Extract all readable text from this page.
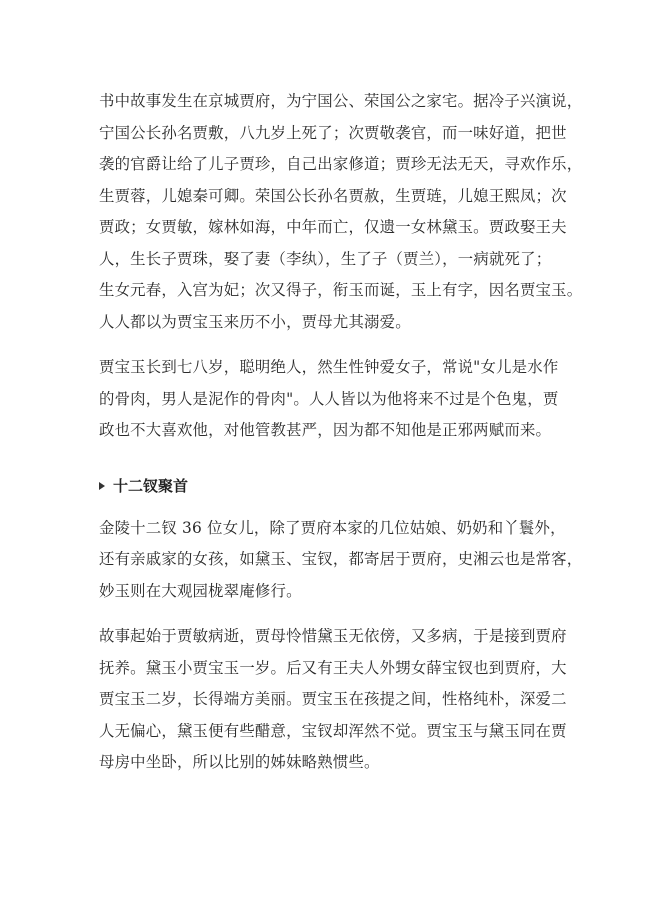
书中故事发生在京城贾府，为宁国公、荣国公之家宅。据冷子兴演说，
宁国公长孙名贾敷，八九岁上死了；次贾敬袭官，而一味好道，把世
袭的官爵让给了儿子贾珍，自己出家修道；贾珍无法无天，寻欢作乐，
生贾蓉，儿媳秦可卿。荣国公长孙名贾赦，生贾琏，儿媳王熙凤；次
贾政；女贾敏，嫁林如海，中年而亡，仅遗一女林黛玉。贾政娶王夫
人，生长子贾珠，娶了妻（李纨），生了子（贾兰），一病就死了；
生女元春，入宫为妃；次又得子，衔玉而诞，玉上有字，因名贾宝玉。
人人都以为贾宝玉来历不小，贾母尤其溺爱。
贾宝玉长到七八岁，聪明绝人，然生性钟爱女子，常说"女儿是水作
的骨肉，男人是泥作的骨肉"。人人皆以为他将来不过是个色鬼，贾
政也不大喜欢他，对他管教甚严，因为都不知他是正邪两赋而来。
十二钗聚首
金陵十二钗 36 位女儿，除了贾府本家的几位姑娘、奶奶和丫鬟外，
还有亲戚家的女孩，如黛玉、宝钗，都寄居于贾府，史湘云也是常客，
妙玉则在大观园栊翠庵修行。
故事起始于贾敏病逝，贾母怜惜黛玉无依傍，又多病，于是接到贾府
抚养。黛玉小贾宝玉一岁。后又有王夫人外甥女薛宝钗也到贾府，大
贾宝玉二岁，长得端方美丽。贾宝玉在孩提之间，性格纯朴，深爱二
人无偏心，黛玉便有些醋意，宝钗却浑然不觉。贾宝玉与黛玉同在贾
母房中坐卧，所以比别的姊妹略熟惯些。
